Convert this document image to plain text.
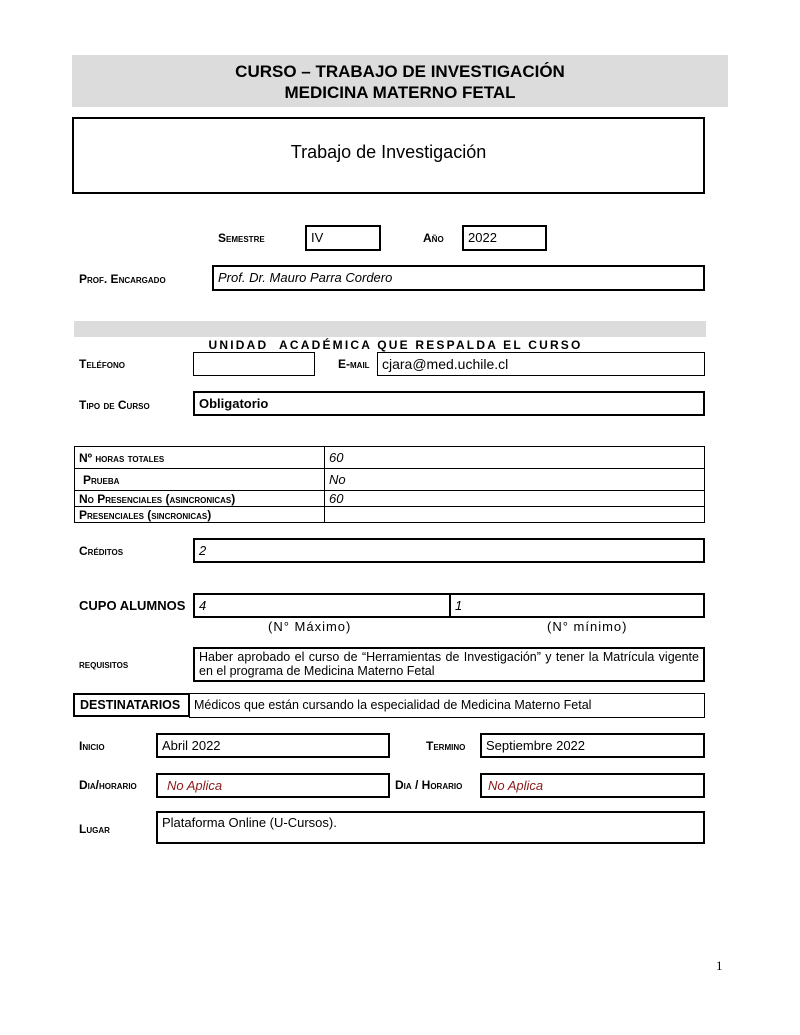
CURSO – TRABAJO DE INVESTIGACIÓN
MEDICINA MATERNO FETAL
Trabajo de Investigación
Semestre	IV	Año	2022
Prof. Encargado	Prof. Dr. Mauro Parra Cordero

UNIDAD  ACADÉMICA QUE RESPALDA EL CURSO

Teléfono	E-mail cjara@med.uchile.cl
Tipo de Curso	Obligatorio
Nº horas totales	60
Prueba	No
No Presenciales (asincronicas)	60
Presenciales (sincronicas)	
Créditos	2
CUPO ALUMNOS	4	1
(N° Máximo)	(N° mínimo)
requisitos	Haber aprobado el curso de “Herramientas de Investigación” y tener la Matrícula vigente en el programa de Medicina Materno Fetal
DESTINATARIOS	Médicos que están cursando la especialidad de Medicina Materno Fetal
Inicio	Abril 2022	Termino	Septiembre 2022
Dia/horario	No Aplica	Dia / Horario	No Aplica
Lugar	Plataforma Online (U-Cursos).
1
